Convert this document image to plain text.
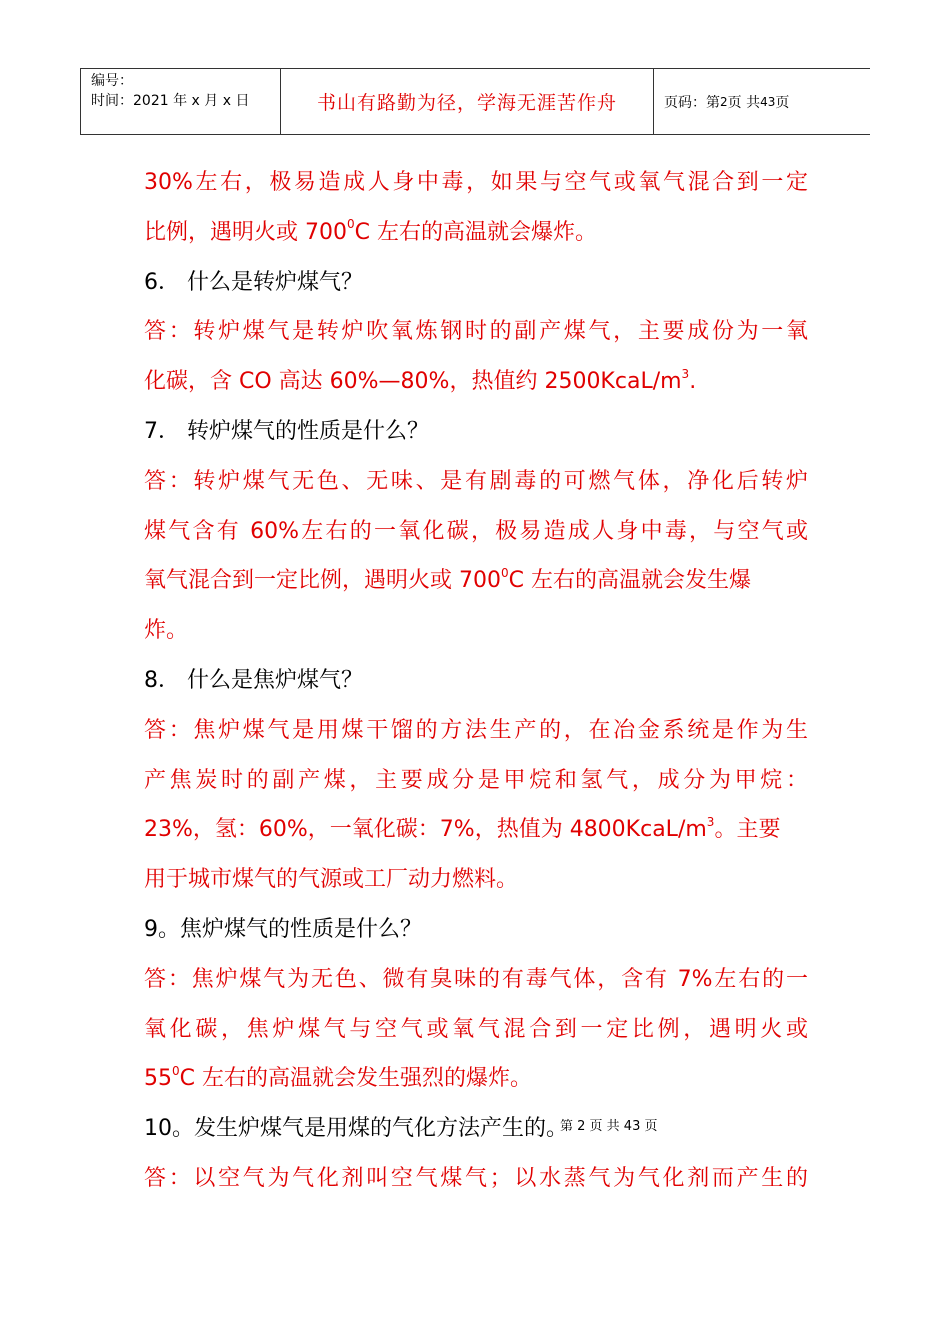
编号：
时间：2021 年 x 月 x 日	书山有路勤为径，学海无涯苦作舟	页码：第 2 页 共 43 页
30%左右，极易造成人身中毒，如果与空气或氧气混合到一定
比例，遇明火或 $700^0C$ 左右的高温就会爆炸。
6． 什么是转炉煤气？
答：转炉煤气是转炉吹氧炼钢时的副产煤气，主要成份为一氧
化碳，含 CO 高达 60%—80%，热值约 $2500KcaL/m^3$.
7． 转炉煤气的性质是什么？
答：转炉煤气无色、无味、是有剧毒的可燃气体，净化后转炉
煤气含有 60%左右的一氧化碳，极易造成人身中毒，与空气或
氧气混合到一定比例，遇明火或 $700^0C$ 左右的高温就会发生爆
炸。
8． 什么是焦炉煤气？
答：焦炉煤气是用煤干馏的方法生产的，在冶金系统是作为生
产焦炭时的副产煤，主要成分是甲烷和氢气，成分为甲烷：
23%，氢：60%，一氧化碳：7%，热值为 $4800KcaL/m^3$。主要
用于城市煤气的气源或工厂动力燃料。
9。焦炉煤气的性质是什么？
答：焦炉煤气为无色、微有臭味的有毒气体，含有 7%左右的一
氧化碳，焦炉煤气与空气或氧气混合到一定比例，遇明火或
$55^0C$ 左右的高温就会发生强烈的爆炸。
10。发生炉煤气是用煤的气化方法产生的。
答：以空气为气化剂叫空气煤气；以水蒸气为气化剂而产生的
第 2 页 共 43 页
